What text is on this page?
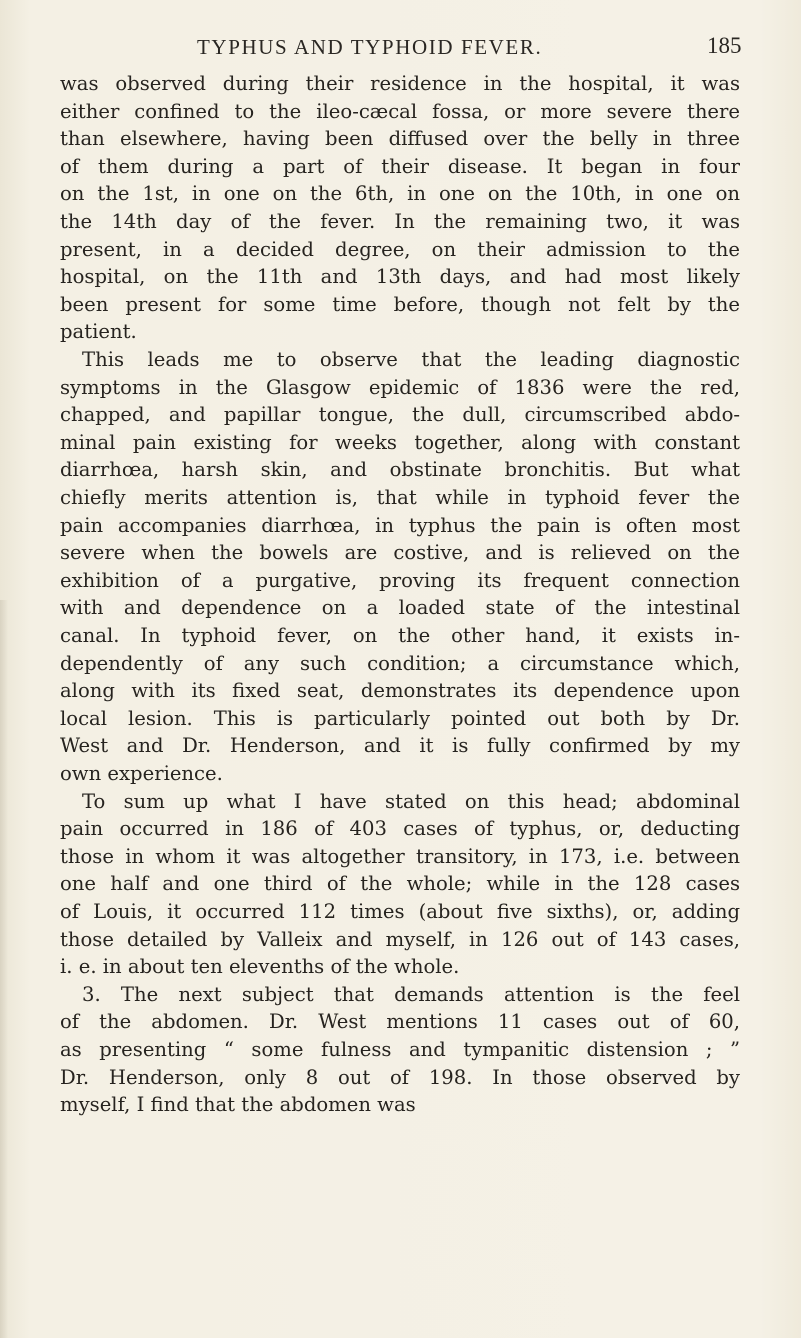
TYPHUS AND TYPHOID FEVER.	185
was observed during their residence in the hospital, it was
either confined to the ileo-cæcal fossa, or more severe there
than elsewhere, having been diffused over the belly in three
of them during a part of their disease. It began in four
on the 1st, in one on the 6th, in one on the 10th, in one on
the 14th day of the fever. In the remaining two, it was
present, in a decided degree, on their admission to the
hospital, on the 11th and 13th days, and had most likely
been present for some time before, though not felt by the
patient.
This leads me to observe that the leading diagnostic
symptoms in the Glasgow epidemic of 1836 were the red,
chapped, and papillar tongue, the dull, circumscribed abdo-
minal pain existing for weeks together, along with constant
diarrhœa, harsh skin, and obstinate bronchitis. But what
chiefly merits attention is, that while in typhoid fever the
pain accompanies diarrhœa, in typhus the pain is often most
severe when the bowels are costive, and is relieved on the
exhibition of a purgative, proving its frequent connection
with and dependence on a loaded state of the intestinal
canal. In typhoid fever, on the other hand, it exists in-
dependently of any such condition; a circumstance which,
along with its fixed seat, demonstrates its dependence upon
local lesion. This is particularly pointed out both by Dr.
West and Dr. Henderson, and it is fully confirmed by my
own experience.
To sum up what I have stated on this head; abdominal
pain occurred in 186 of 403 cases of typhus, or, deducting
those in whom it was altogether transitory, in 173, i.e. between
one half and one third of the whole; while in the 128 cases
of Louis, it occurred 112 times (about five sixths), or, adding
those detailed by Valleix and myself, in 126 out of 143 cases,
i. e. in about ten elevenths of the whole.
3. The next subject that demands attention is the feel
of the abdomen. Dr. West mentions 11 cases out of 60,
as presenting “ some fulness and tympanitic distension ; ”
Dr. Henderson, only 8 out of 198. In those observed by
myself, I find that the abdomen was
